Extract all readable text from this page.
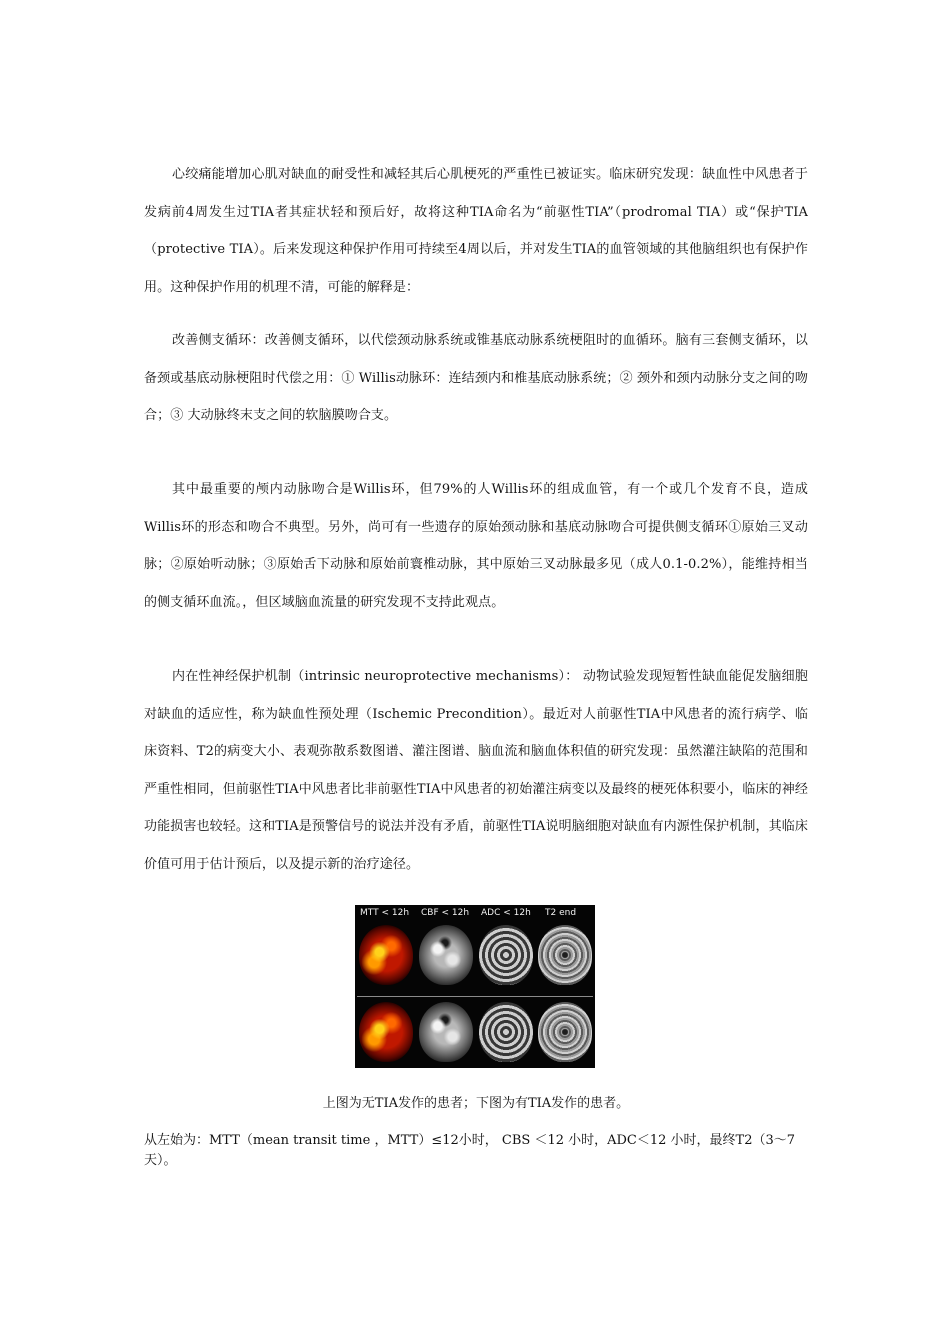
心绞痛能增加心肌对缺血的耐受性和减轻其后心肌梗死的严重性已被证实。临床研究发现：缺血性中风患者于发病前4周发生过TIA者其症状轻和预后好，故将这种TIA命名为“前驱性TIA”（prodromal TIA）或“保护TIA（protective TIA）。后来发现这种保护作用可持续至4周以后，并对发生TIA的血管领域的其他脑组织也有保护作用。这种保护作用的机理不清，可能的解释是：

改善侧支循环：改善侧支循环，以代偿颈动脉系统或锥基底动脉系统梗阻时的血循环。脑有三套侧支循环，以备颈或基底动脉梗阻时代偿之用：① Willis动脉环：连结颈内和椎基底动脉系统；② 颈外和颈内动脉分支之间的吻合；③ 大动脉终末支之间的软脑膜吻合支。

其中最重要的颅内动脉吻合是Willis环，但79%的人Willis环的组成血管，有一个或几个发育不良，造成Willis环的形态和吻合不典型。另外，尚可有一些遗存的原始颈动脉和基底动脉吻合可提供侧支循环①原始三叉动脉；②原始听动脉；③原始舌下动脉和原始前寰椎动脉，其中原始三叉动脉最多见（成人0.1-0.2%），能维持相当的侧支循环血流。，但区域脑血流量的研究发现不支持此观点。

内在性神经保护机制（intrinsic neuroprotective mechanisms）： 动物试验发现短暂性缺血能促发脑细胞对缺血的适应性，称为缺血性预处理（Ischemic Precondition）。最近对人前驱性TIA中风患者的流行病学、临床资料、T2的病变大小、表观弥散系数图谱、灌注图谱、脑血流和脑血体积值的研究发现：虽然灌注缺陷的范围和严重性相同，但前驱性TIA中风患者比非前驱性TIA中风患者的初始灌注病变以及最终的梗死体积要小，临床的神经功能损害也较轻。这和TIA是预警信号的说法并没有矛盾，前驱性TIA说明脑细胞对缺血有内源性保护机制，其临床价值可用于估计预后，以及提示新的治疗途径。

MTT < 12h CBF < 12h ADC < 12h T2 end

上图为无TIA发作的患者；下图为有TIA发作的患者。

从左始为：MTT（mean transit time ，MTT）≤12小时， CBS ＜12 小时，ADC＜12 小时，最终T2（3～7天）。
